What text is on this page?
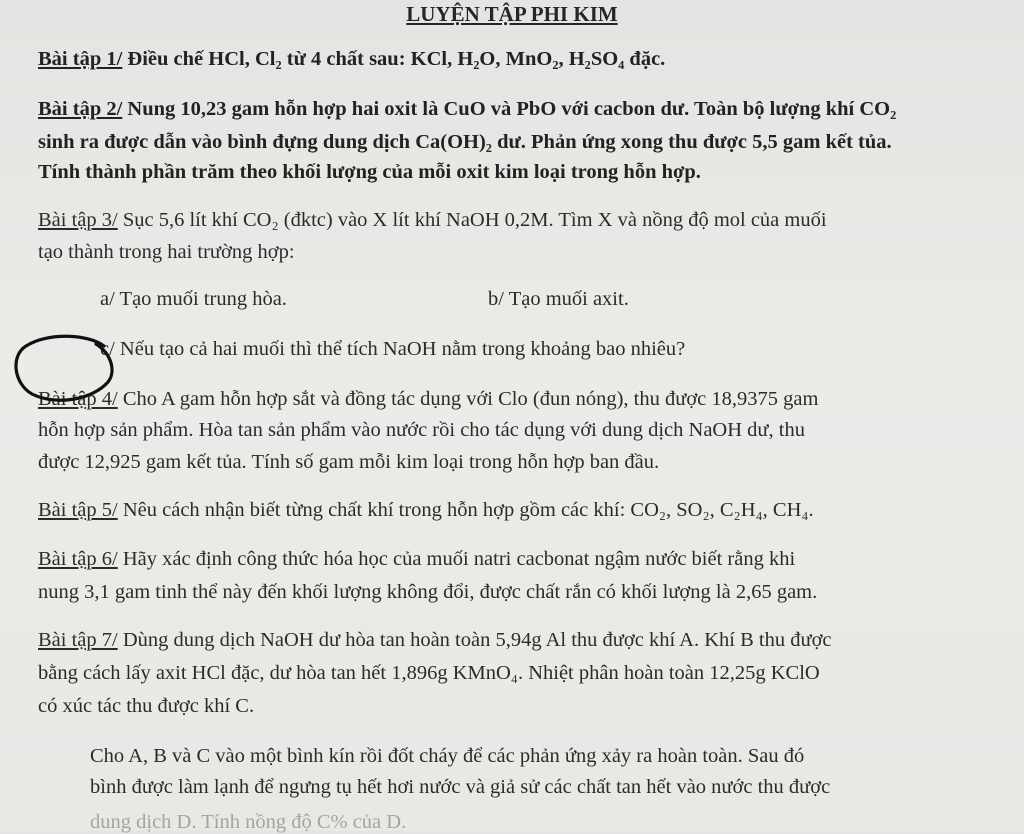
LUYỆN TẬP PHI KIM
Bài tập 1/ Điều chế HCl, Cl₂ từ 4 chất sau: KCl, H₂O, MnO₂, H₂SO₄ đặc.
Bài tập 2/ Nung 10,23 gam hỗn hợp hai oxit là CuO và PbO với cacbon dư. Toàn bộ lượng khí CO₂
sinh ra được dẫn vào bình đựng dung dịch Ca(OH)₂ dư. Phản ứng xong thu được 5,5 gam kết tủa.
Tính thành phần trăm theo khối lượng của mỗi oxit kim loại trong hỗn hợp.
Bài tập 3/ Sục 5,6 lít khí CO₂ (đktc) vào X lít khí NaOH 0,2M. Tìm X và nồng độ mol của muối
tạo thành trong hai trường hợp:
a/ Tạo muối trung hòa.	b/ Tạo muối axit.
c/ Nếu tạo cả hai muối thì thể tích NaOH nằm trong khoảng bao nhiêu?
Bài tập 4/ Cho A gam hỗn hợp sắt và đồng tác dụng với Clo (đun nóng), thu được 18,9375 gam
hỗn hợp sản phẩm. Hòa tan sản phẩm vào nước rồi cho tác dụng với dung dịch NaOH dư, thu
được 12,925 gam kết tủa. Tính số gam mỗi kim loại trong hỗn hợp ban đầu.
Bài tập 5/ Nêu cách nhận biết từng chất khí trong hỗn hợp gồm các khí: CO₂, SO₂, C₂H₄, CH₄.
Bài tập 6/ Hãy xác định công thức hóa học của muối natri cacbonat ngậm nước biết rằng khi
nung 3,1 gam tinh thể này đến khối lượng không đổi, được chất rắn có khối lượng là 2,65 gam.
Bài tập 7/ Dùng dung dịch NaOH dư hòa tan hoàn toàn 5,94g Al thu được khí A. Khí B thu được
bằng cách lấy axit HCl đặc, dư hòa tan hết 1,896g KMnO₄. Nhiệt phân hoàn toàn 12,25g KClO
có xúc tác thu được khí C.
Cho A, B và C vào một bình kín rồi đốt cháy để các phản ứng xảy ra hoàn toàn. Sau đó
bình được làm lạnh để ngưng tụ hết hơi nước và giả sử các chất tan hết vào nước thu được
dung dịch D. Tính nồng độ C% của D.
